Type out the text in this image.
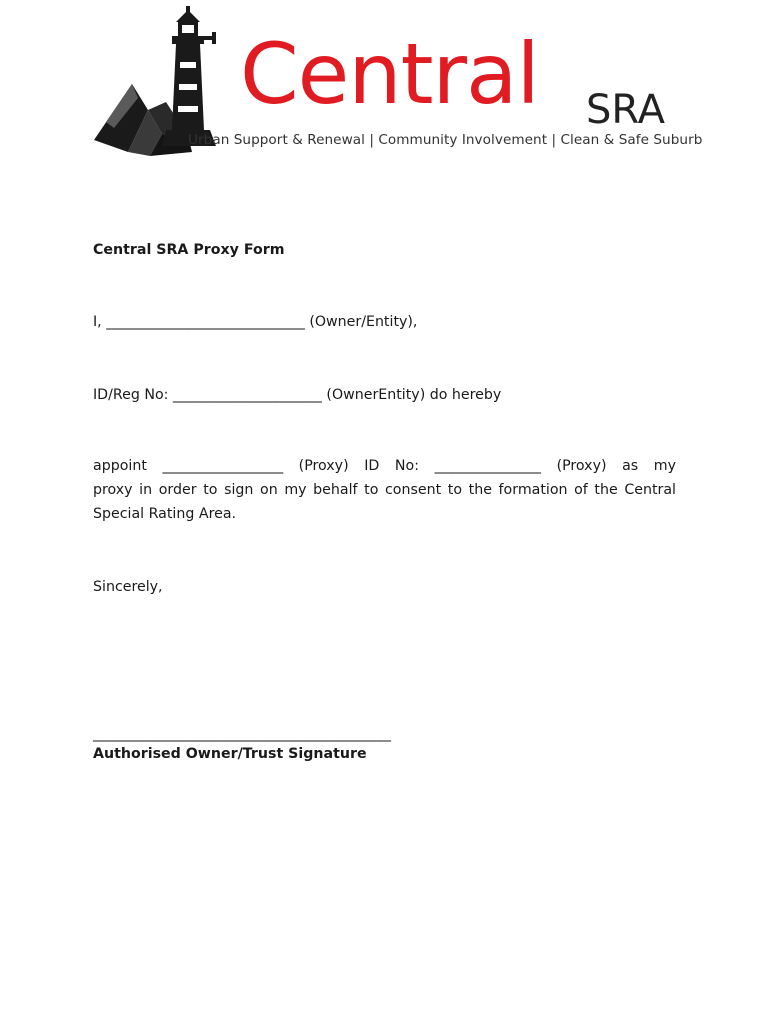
Central SRA
Urban Support & Renewal | Community Involvement | Clean & Safe Suburb
Central SRA Proxy Form
I, ____________________________ (Owner/Entity),
ID/Reg No: _____________________ (OwnerEntity) do hereby
appoint _________________ (Proxy) ID No: _______________ (Proxy) as my
proxy in order to sign on my behalf to consent to the formation of the Central
Special Rating Area.
Sincerely,
__________________________________________
Authorised Owner/Trust Signature
